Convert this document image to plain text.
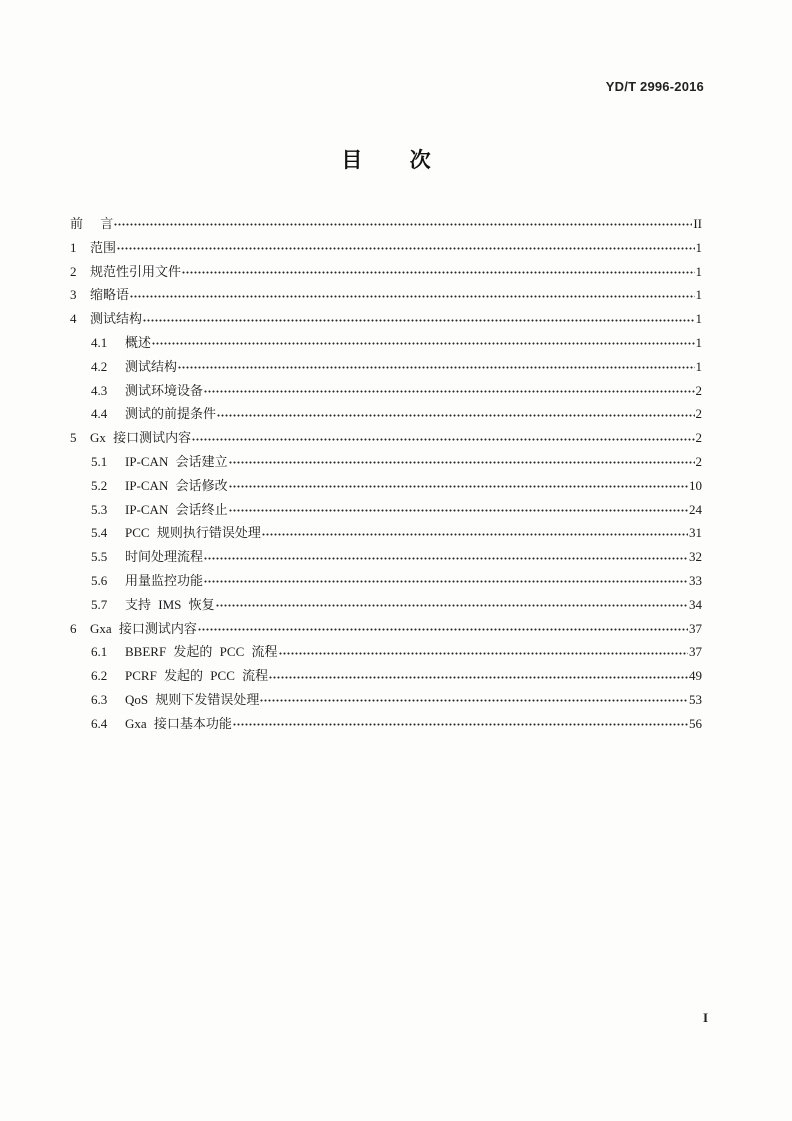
YD/T 2996-2016
目 次
前 言	II
1	范围	1
2	规范性引用文件	1
3	缩略语	1
4	测试结构	1
4.1	概述	1
4.2	测试结构	1
4.3	测试环境设备	2
4.4	测试的前提条件	2
5	Gx 接口测试内容	2
5.1	IP-CAN 会话建立	2
5.2	IP-CAN 会话修改	10
5.3	IP-CAN 会话终止	24
5.4	PCC 规则执行错误处理	31
5.5	时间处理流程	32
5.6	用量监控功能	33
5.7	支持 IMS 恢复	34
6	Gxa 接口测试内容	37
6.1	BBERF 发起的 PCC 流程	37
6.2	PCRF 发起的 PCC 流程	49
6.3	QoS 规则下发错误处理	53
6.4	Gxa 接口基本功能	56
I
